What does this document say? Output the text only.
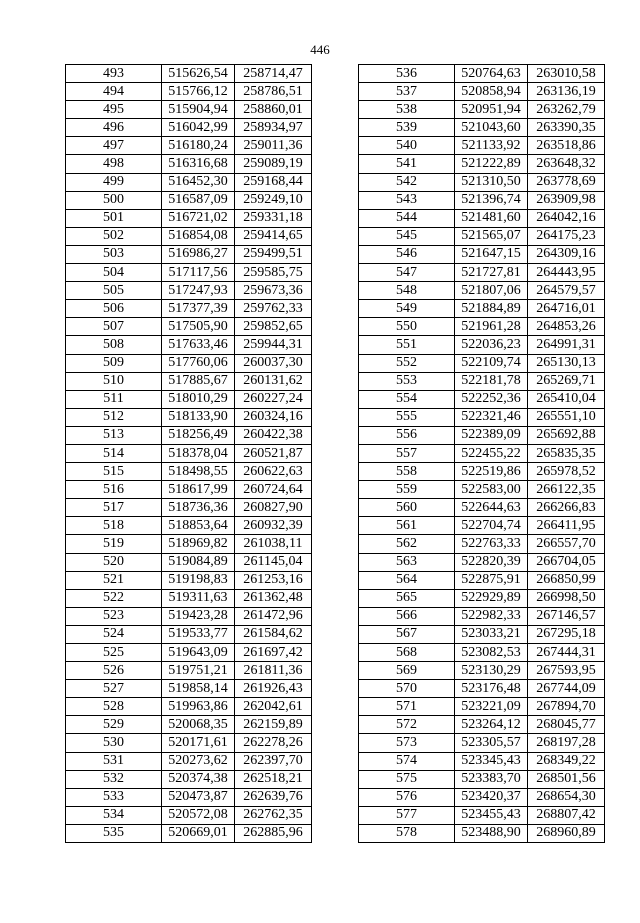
446
493	515626,54	258714,47
494	515766,12	258786,51
495	515904,94	258860,01
496	516042,99	258934,97
497	516180,24	259011,36
498	516316,68	259089,19
499	516452,30	259168,44
500	516587,09	259249,10
501	516721,02	259331,18
502	516854,08	259414,65
503	516986,27	259499,51
504	517117,56	259585,75
505	517247,93	259673,36
506	517377,39	259762,33
507	517505,90	259852,65
508	517633,46	259944,31
509	517760,06	260037,30
510	517885,67	260131,62
511	518010,29	260227,24
512	518133,90	260324,16
513	518256,49	260422,38
514	518378,04	260521,87
515	518498,55	260622,63
516	518617,99	260724,64
517	518736,36	260827,90
518	518853,64	260932,39
519	518969,82	261038,11
520	519084,89	261145,04
521	519198,83	261253,16
522	519311,63	261362,48
523	519423,28	261472,96
524	519533,77	261584,62
525	519643,09	261697,42
526	519751,21	261811,36
527	519858,14	261926,43
528	519963,86	262042,61
529	520068,35	262159,89
530	520171,61	262278,26
531	520273,62	262397,70
532	520374,38	262518,21
533	520473,87	262639,76
534	520572,08	262762,35
535	520669,01	262885,96
536	520764,63	263010,58
537	520858,94	263136,19
538	520951,94	263262,79
539	521043,60	263390,35
540	521133,92	263518,86
541	521222,89	263648,32
542	521310,50	263778,69
543	521396,74	263909,98
544	521481,60	264042,16
545	521565,07	264175,23
546	521647,15	264309,16
547	521727,81	264443,95
548	521807,06	264579,57
549	521884,89	264716,01
550	521961,28	264853,26
551	522036,23	264991,31
552	522109,74	265130,13
553	522181,78	265269,71
554	522252,36	265410,04
555	522321,46	265551,10
556	522389,09	265692,88
557	522455,22	265835,35
558	522519,86	265978,52
559	522583,00	266122,35
560	522644,63	266266,83
561	522704,74	266411,95
562	522763,33	266557,70
563	522820,39	266704,05
564	522875,91	266850,99
565	522929,89	266998,50
566	522982,33	267146,57
567	523033,21	267295,18
568	523082,53	267444,31
569	523130,29	267593,95
570	523176,48	267744,09
571	523221,09	267894,70
572	523264,12	268045,77
573	523305,57	268197,28
574	523345,43	268349,22
575	523383,70	268501,56
576	523420,37	268654,30
577	523455,43	268807,42
578	523488,90	268960,89
